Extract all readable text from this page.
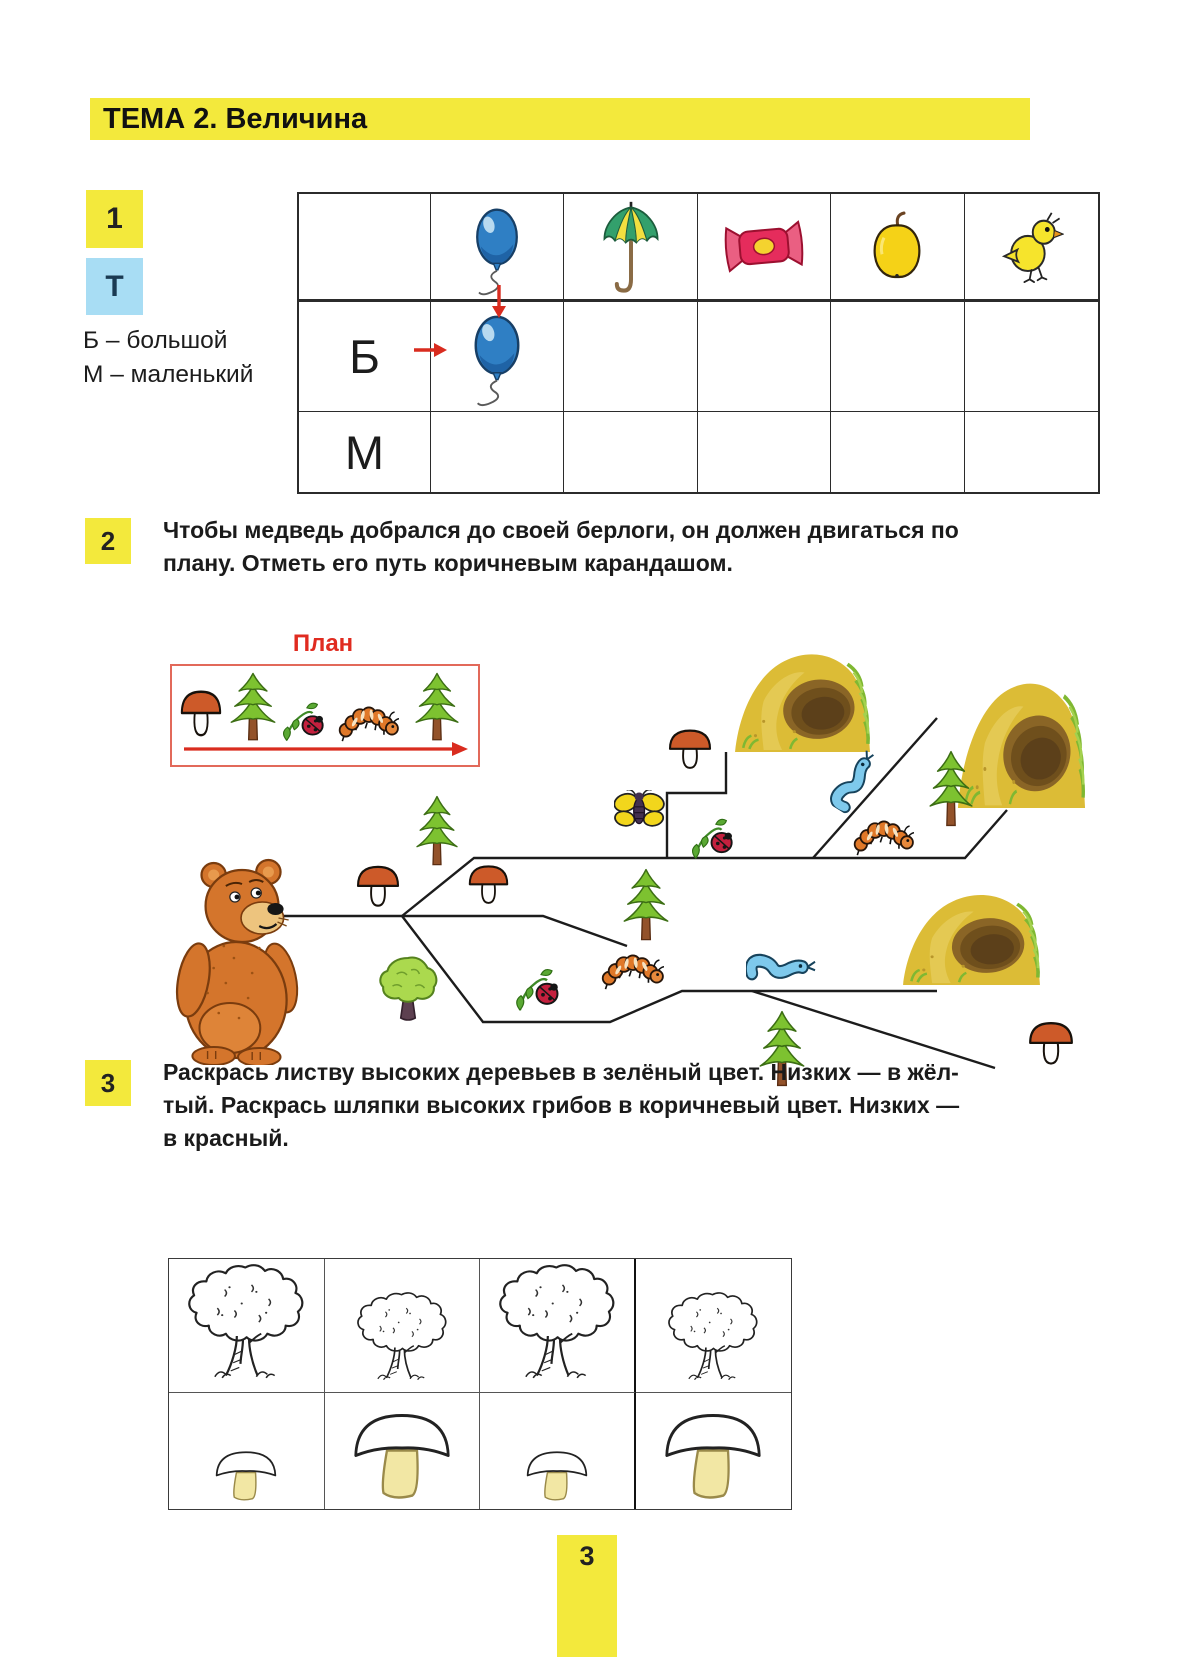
ТЕМА 2. Величина
1
Т
Б – большой
М – маленький Б
М
2	Чтобы медведь добрался до своей берлоги, он должен двигаться по
плану. Отметь его путь коричневым карандашом.
План
3	Раскрась листву высоких деревьев в зелёный цвет. Низких — в жёл-
тый. Раскрась шляпки высоких грибов в коричневый цвет. Низких —
в красный.
3
